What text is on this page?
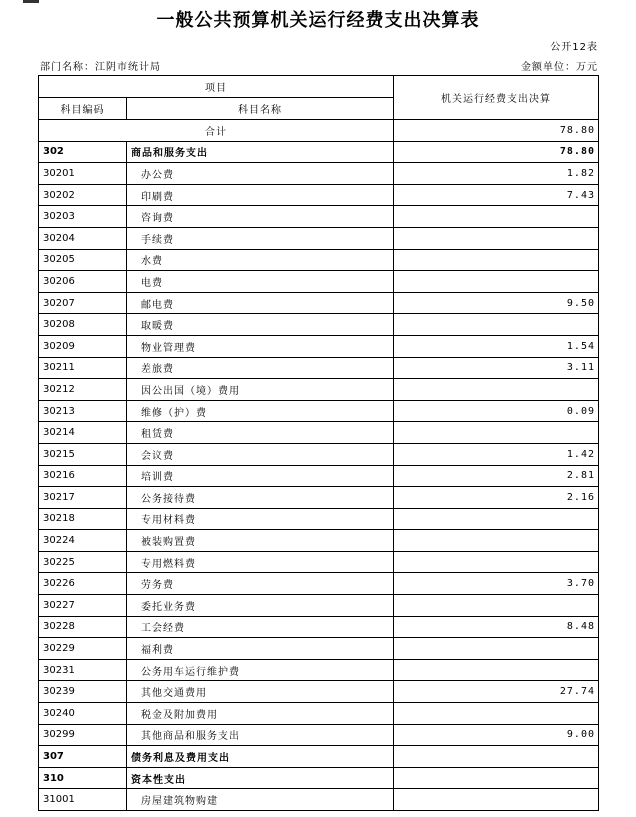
一般公共预算机关运行经费支出决算表
公开12表
部门名称：江阴市统计局	金额单位：万元
项目		机关运行经费支出决算
科目编码	科目名称	
合计		78.80
302	商品和服务支出	78.80
30201	办公费	1.82
30202	印刷费	7.43
30203	咨询费	
30204	手续费	
30205	水费	
30206	电费	
30207	邮电费	9.50
30208	取暖费	
30209	物业管理费	1.54
30211	差旅费	3.11
30212	因公出国（境）费用	
30213	维修（护）费	0.09
30214	租赁费	
30215	会议费	1.42
30216	培训费	2.81
30217	公务接待费	2.16
30218	专用材料费	
30224	被装购置费	
30225	专用燃料费	
30226	劳务费	3.70
30227	委托业务费	
30228	工会经费	8.48
30229	福利费	
30231	公务用车运行维护费	
30239	其他交通费用	27.74
30240	税金及附加费用	
30299	其他商品和服务支出	9.00
307	债务利息及费用支出	
310	资本性支出	
31001	房屋建筑物购建	
